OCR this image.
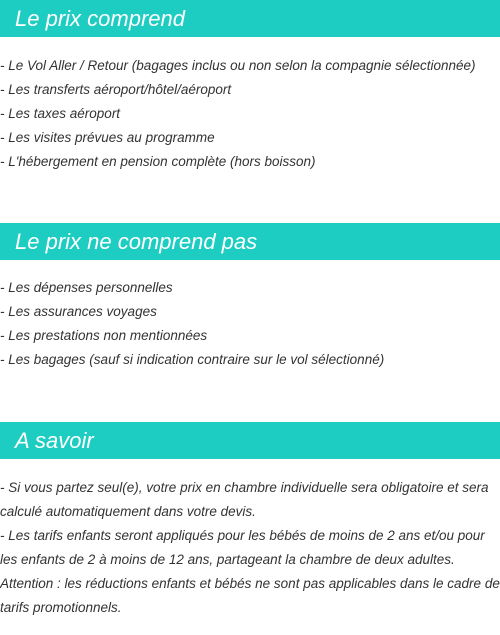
Le prix comprend
- Le Vol Aller / Retour (bagages inclus ou non selon la compagnie sélectionnée)
- Les transferts aéroport/hôtel/aéroport
- Les taxes aéroport
- Les visites prévues au programme
- L'hébergement en pension complète (hors boisson)
Le prix ne comprend pas
- Les dépenses personnelles
- Les assurances voyages
- Les prestations non mentionnées
- Les bagages (sauf si indication contraire sur le vol sélectionné)
A savoir

- Si vous partez seul(e), votre prix en chambre individuelle sera obligatoire et sera calculé automatiquement dans votre devis.

- Les tarifs enfants seront appliqués pour les bébés de moins de 2 ans et/ou pour les enfants de 2 à moins de 12 ans, partageant la chambre de deux adultes.

Attention : les réductions enfants et bébés ne sont pas applicables dans le cadre de tarifs promotionnels.
